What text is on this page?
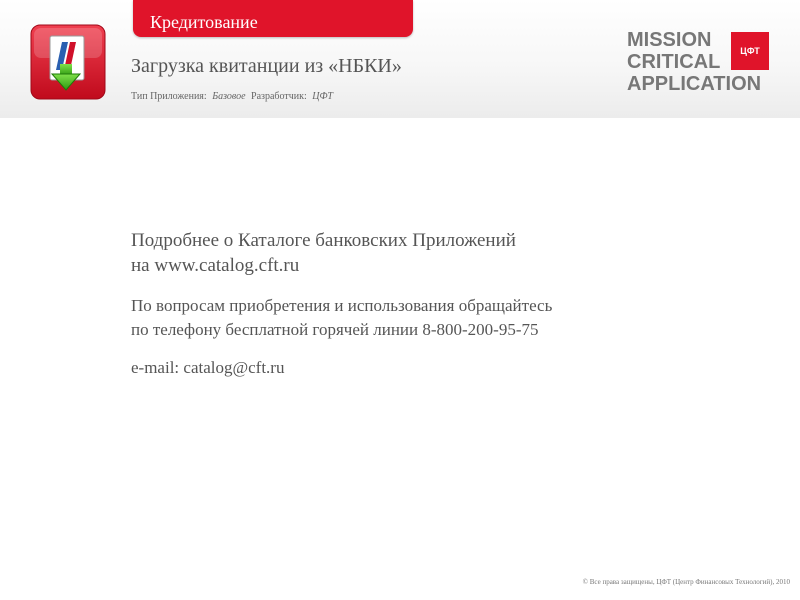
Кредитование
Загрузка квитанции из «НБКИ»
Тип Приложения: Базовое Разработчик: ЦФТ
MISSION	ЦФТ
CRITICAL
APPLICATION
Подробнее о Каталоге банковских Приложений
на www.catalog.cft.ru
По вопросам приобретения и использования обращайтесь
по телефону бесплатной горячей линии 8-800-200-95-75
e-mail: catalog@cft.ru
© Все права защищены, ЦФТ (Центр Финансовых Технологий), 2010
